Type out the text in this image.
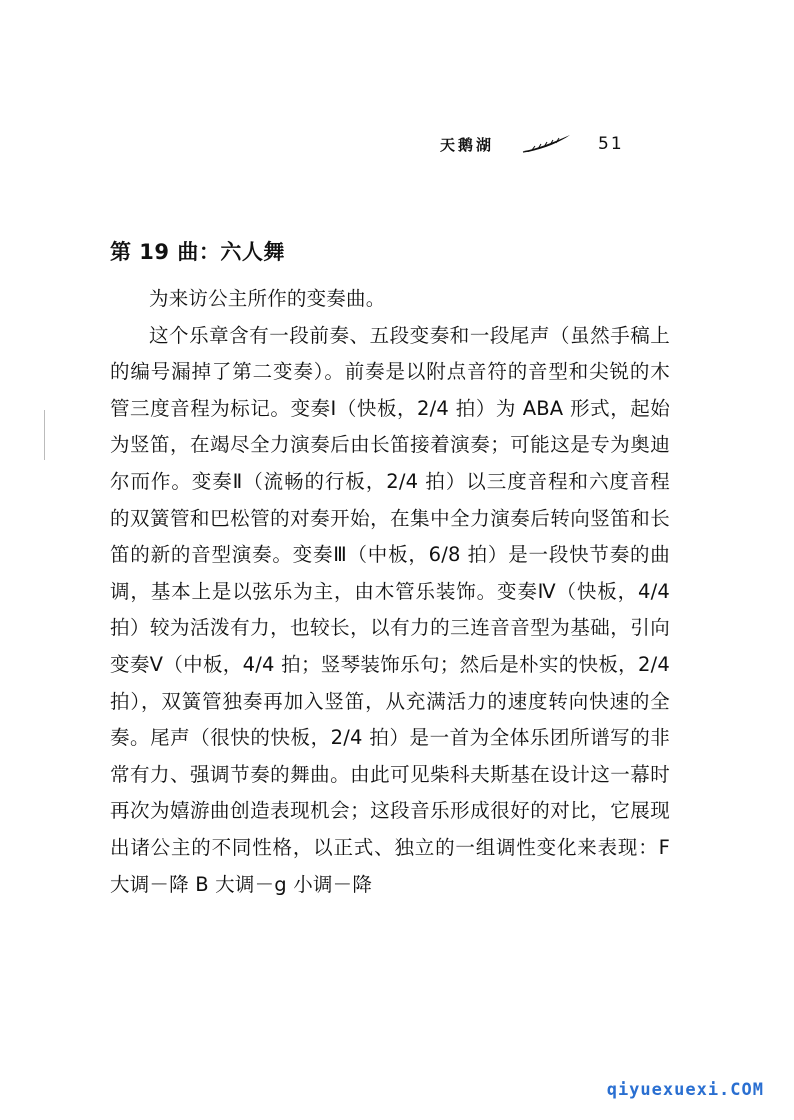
天鹅湖	51
第 19 曲：六人舞

为来访公主所作的变奏曲。

这个乐章含有一段前奏、五段变奏和一段尾声（虽然手稿上的编号漏掉了第二变奏）。前奏是以附点音符的音型和尖锐的木管三度音程为标记。变奏Ⅰ（快板，2/4 拍）为 ABA 形式，起始为竖笛，在竭尽全力演奏后由长笛接着演奏；可能这是专为奥迪尔而作。变奏Ⅱ（流畅的行板，2/4 拍）以三度音程和六度音程的双簧管和巴松管的对奏开始，在集中全力演奏后转向竖笛和长笛的新的音型演奏。变奏Ⅲ（中板，6/8 拍）是一段快节奏的曲调，基本上是以弦乐为主，由木管乐装饰。变奏Ⅳ（快板，4/4 拍）较为活泼有力，也较长，以有力的三连音音型为基础，引向变奏Ⅴ（中板，4/4 拍；竖琴装饰乐句；然后是朴实的快板，2/4 拍），双簧管独奏再加入竖笛，从充满活力的速度转向快速的全奏。尾声（很快的快板，2/4 拍）是一首为全体乐团所谱写的非常有力、强调节奏的舞曲。由此可见柴科夫斯基在设计这一幕时再次为嬉游曲创造表现机会；这段音乐形成很好的对比，它展现出诸公主的不同性格，以正式、独立的一组调性变化来表现：F 大调－降 B 大调－g 小调－降

qiyuexuexi.COM
